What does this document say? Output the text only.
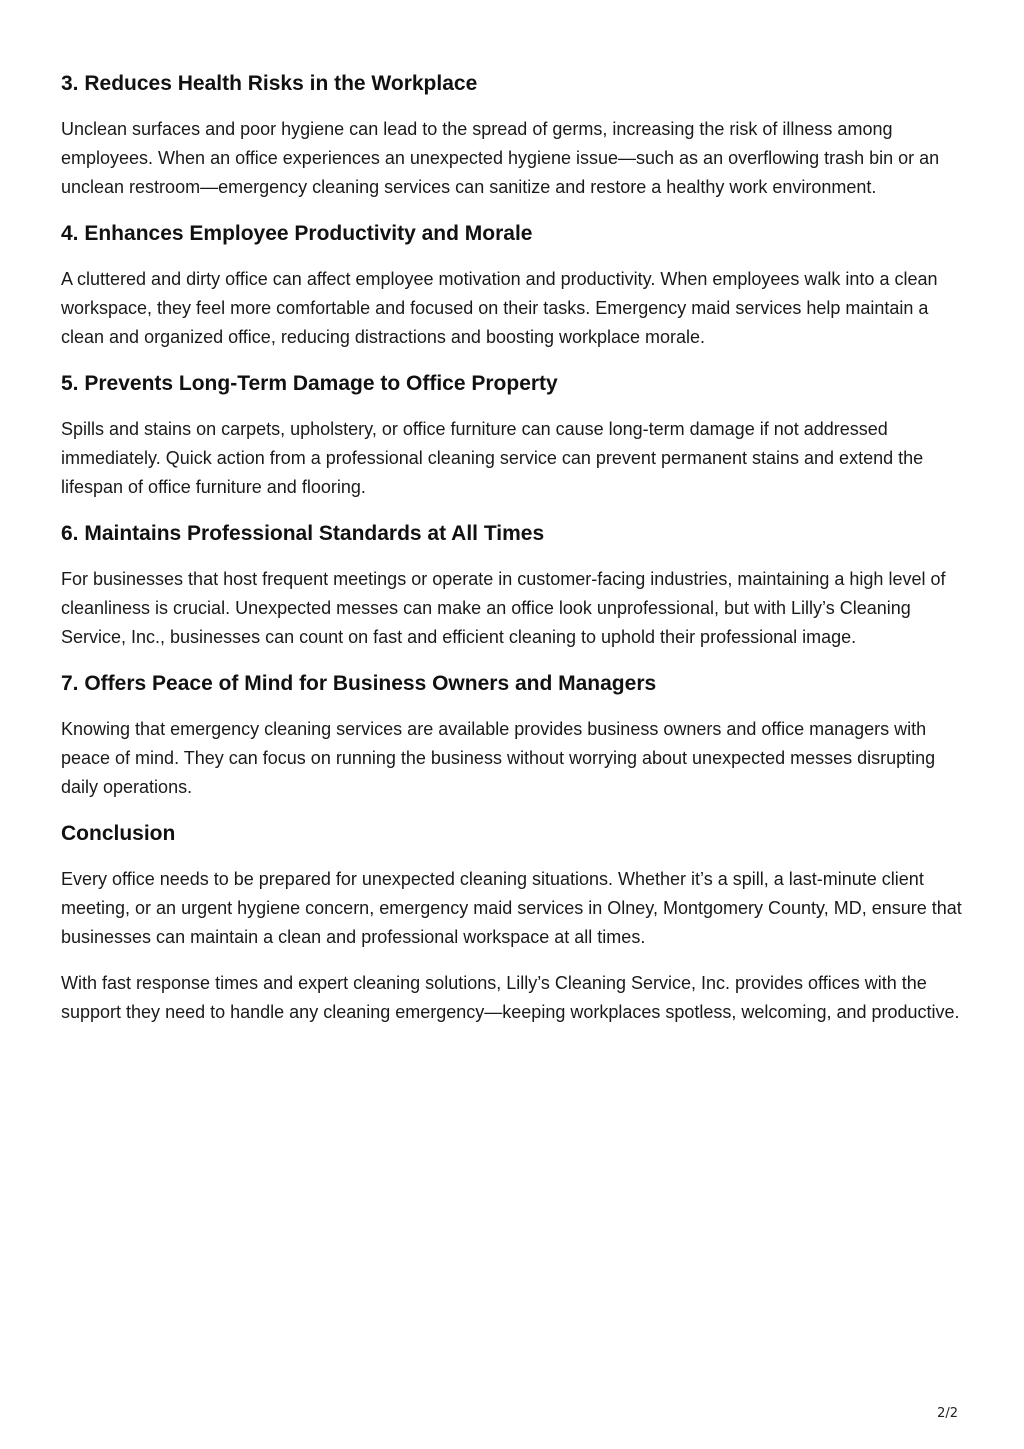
3. Reduces Health Risks in the Workplace

Unclean surfaces and poor hygiene can lead to the spread of germs, increasing the risk of illness among employees. When an office experiences an unexpected hygiene issue—such as an overflowing trash bin or an unclean restroom—emergency cleaning services can sanitize and restore a healthy work environment.

4. Enhances Employee Productivity and Morale

A cluttered and dirty office can affect employee motivation and productivity. When employees walk into a clean workspace, they feel more comfortable and focused on their tasks. Emergency maid services help maintain a clean and organized office, reducing distractions and boosting workplace morale.

5. Prevents Long-Term Damage to Office Property

Spills and stains on carpets, upholstery, or office furniture can cause long-term damage if not addressed immediately. Quick action from a professional cleaning service can prevent permanent stains and extend the lifespan of office furniture and flooring.

6. Maintains Professional Standards at All Times

For businesses that host frequent meetings or operate in customer-facing industries, maintaining a high level of cleanliness is crucial. Unexpected messes can make an office look unprofessional, but with Lilly’s Cleaning Service, Inc., businesses can count on fast and efficient cleaning to uphold their professional image.

7. Offers Peace of Mind for Business Owners and Managers

Knowing that emergency cleaning services are available provides business owners and office managers with peace of mind. They can focus on running the business without worrying about unexpected messes disrupting daily operations.

Conclusion

Every office needs to be prepared for unexpected cleaning situations. Whether it’s a spill, a last-minute client meeting, or an urgent hygiene concern, emergency maid services in Olney, Montgomery County, MD, ensure that businesses can maintain a clean and professional workspace at all times.

With fast response times and expert cleaning solutions, Lilly’s Cleaning Service, Inc. provides offices with the support they need to handle any cleaning emergency—keeping workplaces spotless, welcoming, and productive.

2/2
